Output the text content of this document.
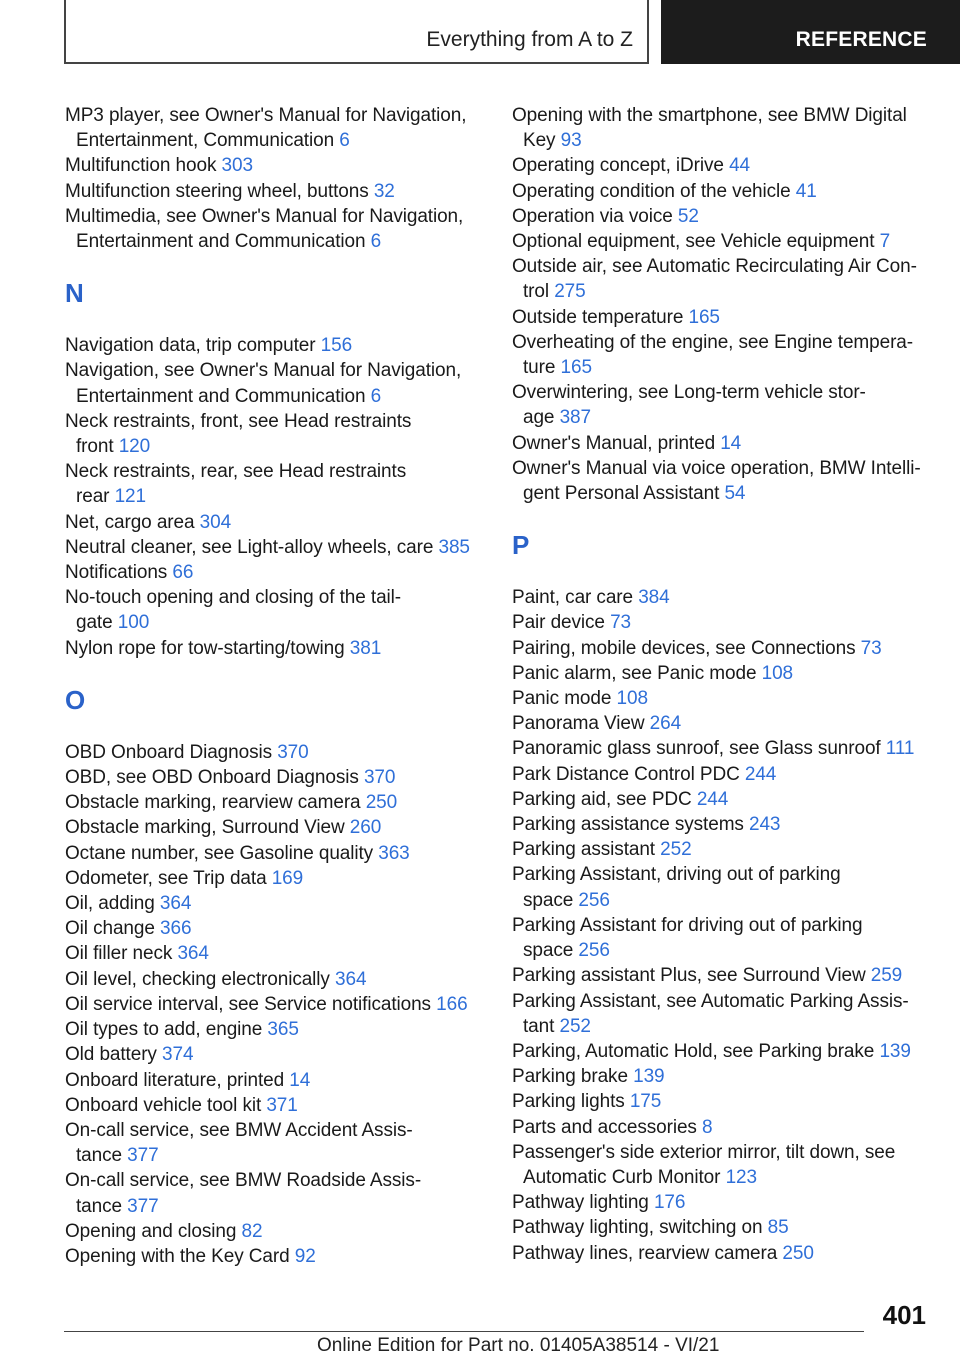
Everything from A to Z	REFERENCE
MP3 player, see Owner's Manual for Navigation, Entertainment, Communication 6
Multifunction hook 303
Multifunction steering wheel, buttons 32
Multimedia, see Owner's Manual for Navigation, Entertainment and Communication 6
N
Navigation data, trip computer 156
Navigation, see Owner's Manual for Navigation, Entertainment and Communication 6
Neck restraints, front, see Head restraints
front 120
Neck restraints, rear, see Head restraints
rear 121
Net, cargo area 304
Neutral cleaner, see Light-alloy wheels, care 385
Notifications 66
No-touch opening and closing of the tail-
gate 100
Nylon rope for tow-starting/towing 381
O
OBD Onboard Diagnosis 370
OBD, see OBD Onboard Diagnosis 370
Obstacle marking, rearview camera 250
Obstacle marking, Surround View 260
Octane number, see Gasoline quality 363
Odometer, see Trip data 169
Oil, adding 364
Oil change 366
Oil filler neck 364
Oil level, checking electronically 364
Oil service interval, see Service notifications 166
Oil types to add, engine 365
Old battery 374
Onboard literature, printed 14
Onboard vehicle tool kit 371
On-call service, see BMW Accident Assis-
tance 377
On-call service, see BMW Roadside Assis-
tance 377
Opening and closing 82
Opening with the Key Card 92
Opening with the smartphone, see BMW Digital
Key 93
Operating concept, iDrive 44
Operating condition of the vehicle 41
Operation via voice 52
Optional equipment, see Vehicle equipment 7
Outside air, see Automatic Recirculating Air Con-
trol 275
Outside temperature 165
Overheating of the engine, see Engine tempera-
ture 165
Overwintering, see Long-term vehicle stor-
age 387
Owner's Manual, printed 14
Owner's Manual via voice operation, BMW Intelli-
gent Personal Assistant 54
P
Paint, car care 384
Pair device 73
Pairing, mobile devices, see Connections 73
Panic alarm, see Panic mode 108
Panic mode 108
Panorama View 264
Panoramic glass sunroof, see Glass sunroof 111
Park Distance Control PDC 244
Parking aid, see PDC 244
Parking assistance systems 243
Parking assistant 252
Parking Assistant, driving out of parking
space 256
Parking Assistant for driving out of parking
space 256
Parking assistant Plus, see Surround View 259
Parking Assistant, see Automatic Parking Assis-
tant 252
Parking, Automatic Hold, see Parking brake 139
Parking brake 139
Parking lights 175
Parts and accessories 8
Passenger's side exterior mirror, tilt down, see Automatic Curb Monitor 123
Pathway lighting 176
Pathway lighting, switching on 85
Pathway lines, rearview camera 250
401
Online Edition for Part no. 01405A38514 - VI/21
